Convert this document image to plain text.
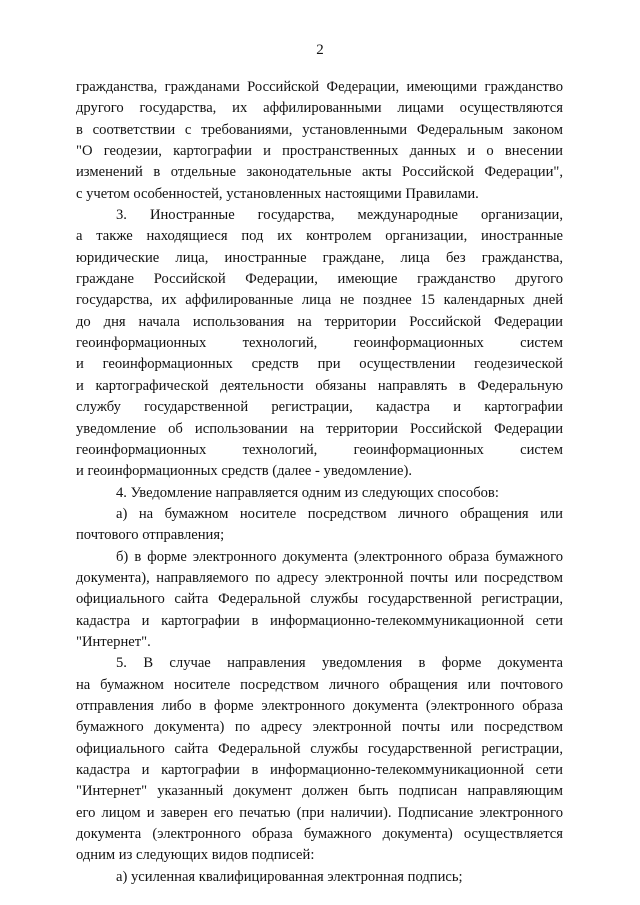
2
гражданства, гражданами Российской Федерации, имеющими гражданство
другого государства, их аффилированными лицами осуществляются
в соответствии с требованиями, установленными Федеральным законом
"О геодезии, картографии и пространственных данных и о внесении
изменений в отдельные законодательные акты Российской Федерации",
с учетом особенностей, установленных настоящими Правилами.
3. Иностранные государства, международные организации,
а также находящиеся под их контролем организации, иностранные
юридические лица, иностранные граждане, лица без гражданства,
граждане Российской Федерации, имеющие гражданство другого
государства, их аффилированные лица не позднее 15 календарных дней
до дня начала использования на территории Российской Федерации
геоинформационных технологий, геоинформационных систем
и геоинформационных средств при осуществлении геодезической
и картографической деятельности обязаны направлять в Федеральную
службу государственной регистрации, кадастра и картографии
уведомление об использовании на территории Российской Федерации
геоинформационных технологий, геоинформационных систем
и геоинформационных средств (далее - уведомление).
4. Уведомление направляется одним из следующих способов:
а) на бумажном носителе посредством личного обращения или
почтового отправления;
б) в форме электронного документа (электронного образа бумажного
документа), направляемого по адресу электронной почты или посредством
официального сайта Федеральной службы государственной регистрации,
кадастра и картографии в информационно-телекоммуникационной сети
"Интернет".
5. В случае направления уведомления в форме документа
на бумажном носителе посредством личного обращения или почтового
отправления либо в форме электронного документа (электронного образа
бумажного документа) по адресу электронной почты или посредством
официального сайта Федеральной службы государственной регистрации,
кадастра и картографии в информационно-телекоммуникационной сети
"Интернет" указанный документ должен быть подписан направляющим
его лицом и заверен его печатью (при наличии). Подписание электронного
документа (электронного образа бумажного документа) осуществляется
одним из следующих видов подписей:
а) усиленная квалифицированная электронная подпись;
